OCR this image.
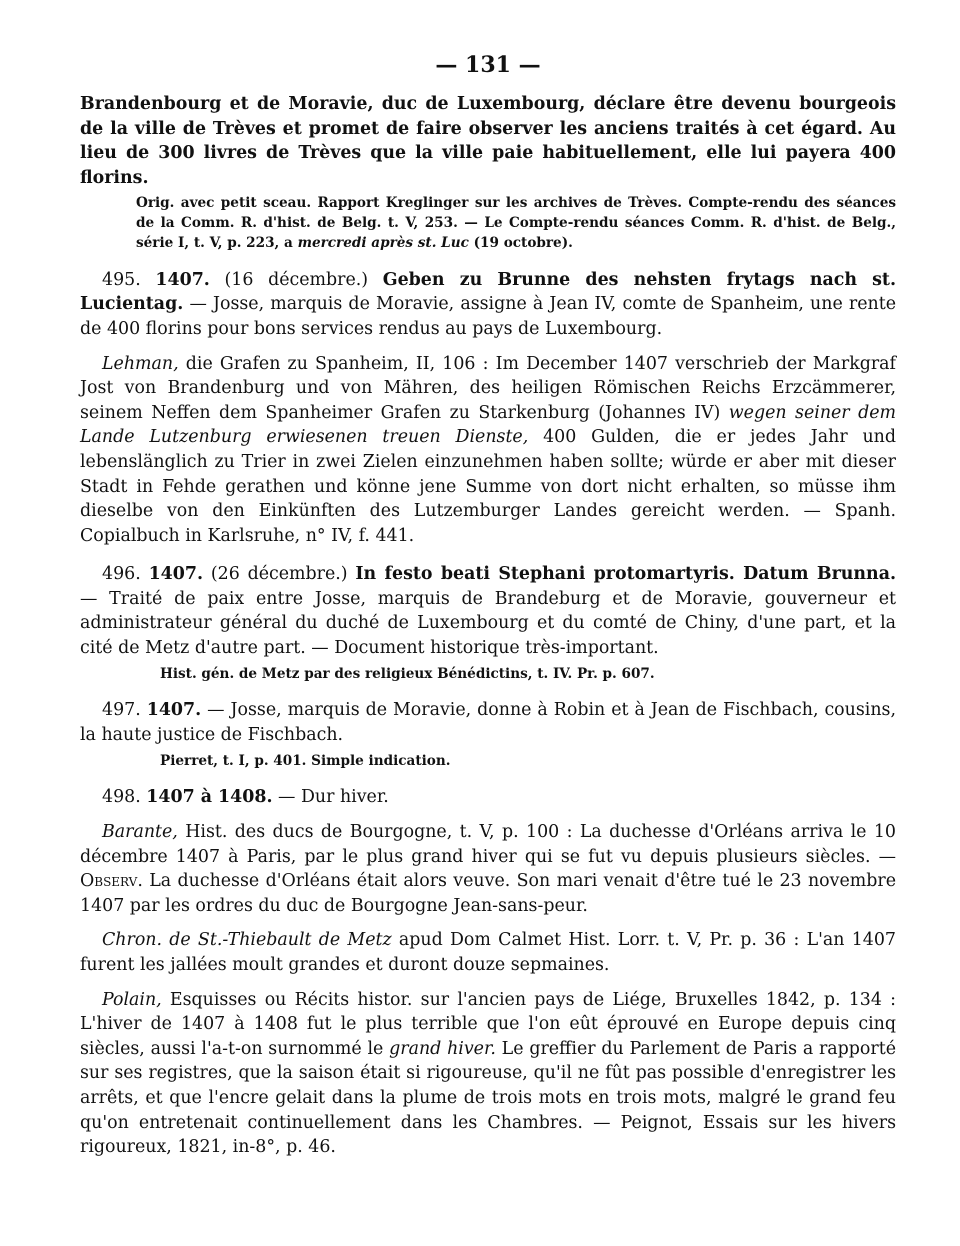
— 131 —

Brandenbourg et de Moravie, duc de Luxembourg, déclare être devenu bourgeois de la ville de Trèves et promet de faire observer les anciens traités à cet égard. Au lieu de 300 livres de Trèves que la ville paie habituellement, elle lui payera 400 florins.

Orig. avec petit sceau. Rapport Kreglinger sur les archives de Trèves. Compte-rendu des séances de la Comm. R. d'hist. de Belg. t. V, 253. — Le Compte-rendu séances Comm. R. d'hist. de Belg., série I, t. V, p. 223, a mercredi après st. Luc (19 octobre).

495. 1407. (16 décembre.) Geben zu Brunne des nehsten frytags nach st. Lucientag. — Josse, marquis de Moravie, assigne à Jean IV, comte de Spanheim, une rente de 400 florins pour bons services rendus au pays de Luxembourg.

Lehman, die Grafen zu Spanheim, II, 106 : Im December 1407 verschrieb der Markgraf Jost von Brandenburg und von Mähren, des heiligen Römischen Reichs Erzcämmerer, seinem Neffen dem Spanheimer Grafen zu Starkenburg (Johannes IV) wegen seiner dem Lande Lutzenburg erwiesenen treuen Dienste, 400 Gulden, die er jedes Jahr und lebenslänglich zu Trier in zwei Zielen einzunehmen haben sollte; würde er aber mit dieser Stadt in Fehde gerathen und könne jene Summe von dort nicht erhalten, so müsse ihm dieselbe von den Einkünften des Lutzemburger Landes gereicht werden. — Spanh. Copialbuch in Karlsruhe, n° IV, f. 441.

496. 1407. (26 décembre.) In festo beati Stephani protomartyris. Datum Brunna. — Traité de paix entre Josse, marquis de Brandeburg et de Moravie, gouverneur et administrateur général du duché de Luxembourg et du comté de Chiny, d'une part, et la cité de Metz d'autre part. — Document historique très-important.

Hist. gén. de Metz par des religieux Bénédictins, t. IV. Pr. p. 607.

497. 1407. — Josse, marquis de Moravie, donne à Robin et à Jean de Fischbach, cousins, la haute justice de Fischbach.

Pierret, t. I, p. 401. Simple indication.

498. 1407 à 1408. — Dur hiver.

Barante, Hist. des ducs de Bourgogne, t. V, p. 100 : La duchesse d'Orléans arriva le 10 décembre 1407 à Paris, par le plus grand hiver qui se fut vu depuis plusieurs siècles. — Observ. La duchesse d'Orléans était alors veuve. Son mari venait d'être tué le 23 novembre 1407 par les ordres du duc de Bourgogne Jean-sans-peur.

Chron. de St.-Thiebault de Metz apud Dom Calmet Hist. Lorr. t. V, Pr. p. 36 : L'an 1407 furent les jallées moult grandes et duront douze sepmaines.

Polain, Esquisses ou Récits histor. sur l'ancien pays de Liége, Bruxelles 1842, p. 134 : L'hiver de 1407 à 1408 fut le plus terrible que l'on eût éprouvé en Europe depuis cinq siècles, aussi l'a-t-on surnommé le grand hiver. Le greffier du Parlement de Paris a rapporté sur ses registres, que la saison était si rigoureuse, qu'il ne fût pas possible d'enregistrer les arrêts, et que l'encre gelait dans la plume de trois mots en trois mots, malgré le grand feu qu'on entretenait continuellement dans les Chambres. — Peignot, Essais sur les hivers rigoureux, 1821, in-8°, p. 46.
